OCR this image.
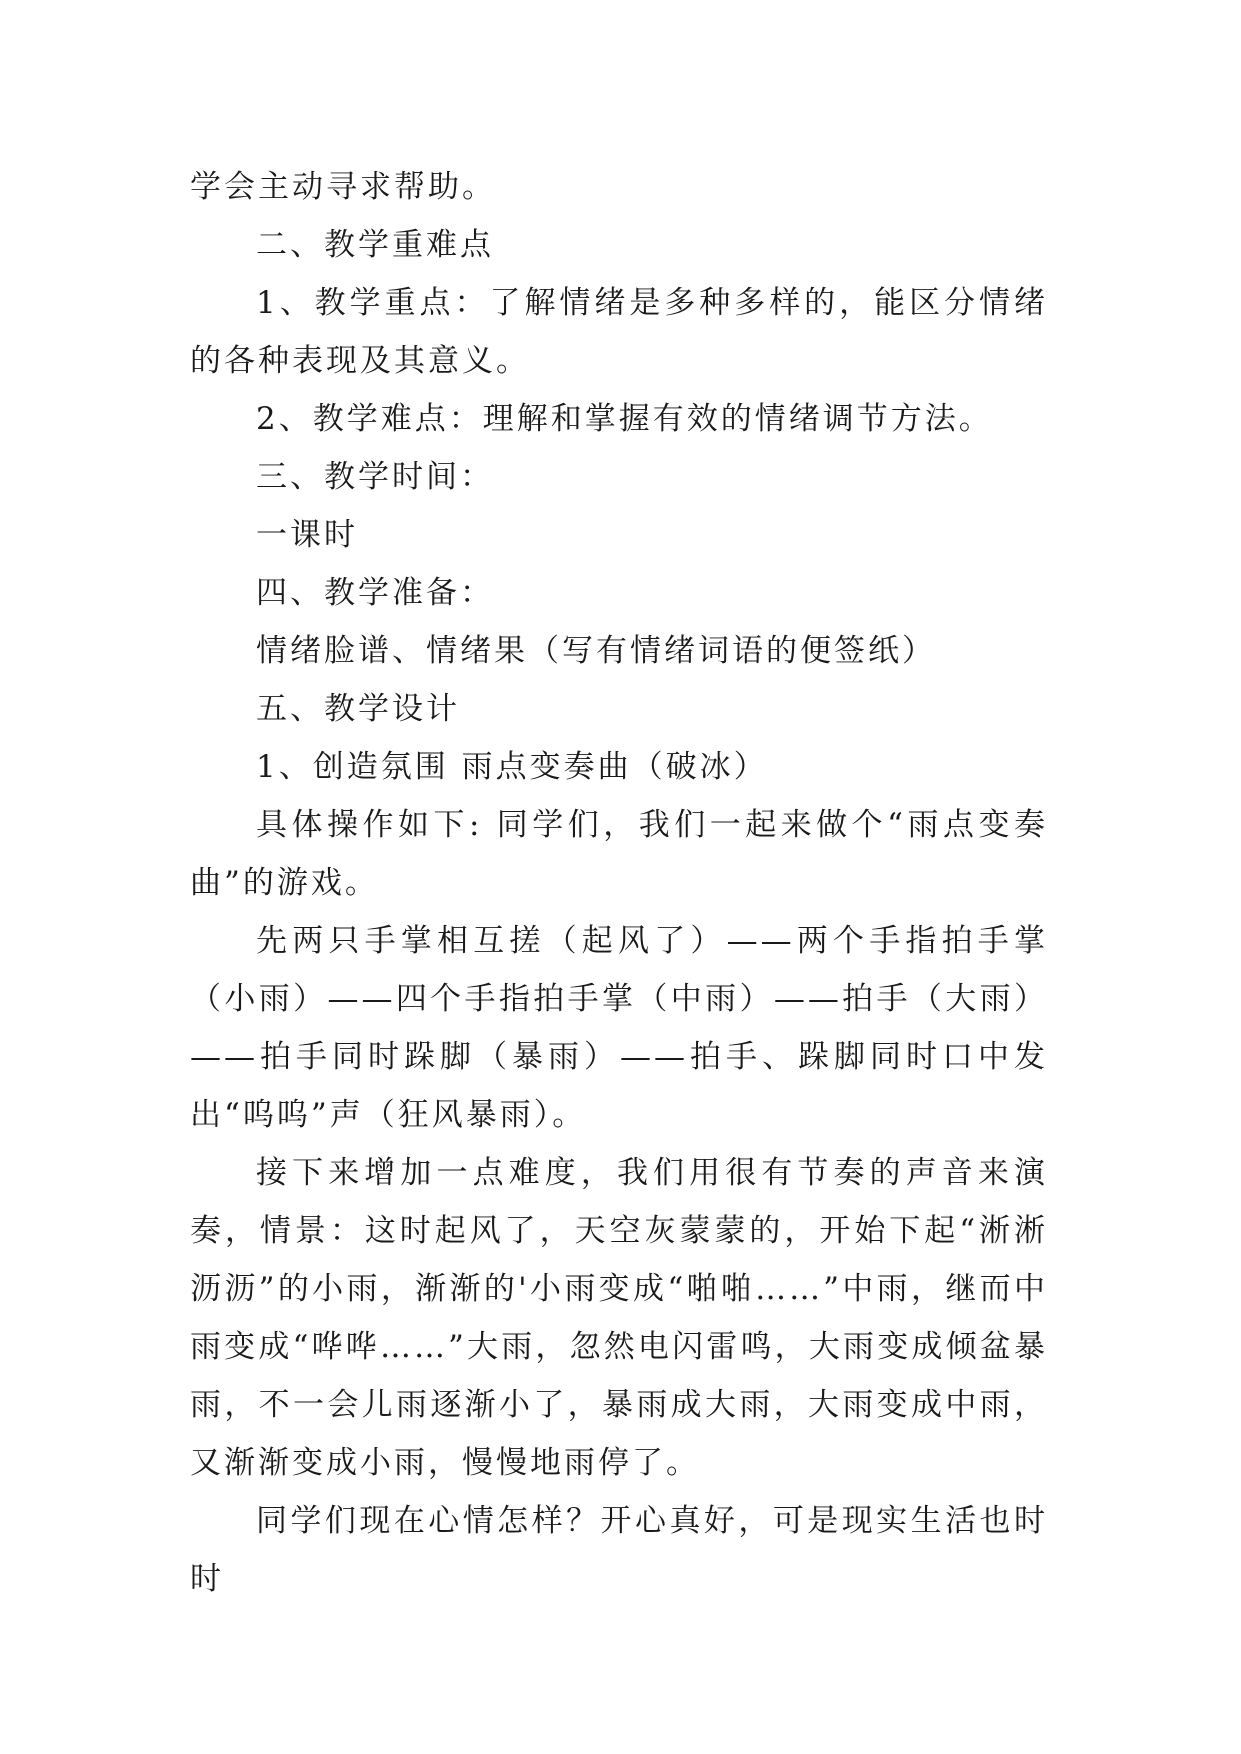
学会主动寻求帮助。

二、教学重难点

1、教学重点：了解情绪是多种多样的，能区分情绪的各种表现及其意义。

2、教学难点：理解和掌握有效的情绪调节方法。

三、教学时间：

一课时

四、教学准备：

情绪脸谱、情绪果（写有情绪词语的便签纸）

五、教学设计

1、创造氛围 雨点变奏曲（破冰）

具体操作如下: 同学们，我们一起来做个“雨点变奏曲”的游戏。

先两只手掌相互搓（起风了）——两个手指拍手掌（小雨）——四个手指拍手掌（中雨）——拍手（大雨）——拍手同时跺脚（暴雨）——拍手、跺脚同时口中发出“呜呜”声（狂风暴雨）。

接下来增加一点难度，我们用很有节奏的声音来演奏，情景：这时起风了，天空灰蒙蒙的，开始下起“淅淅沥沥”的小雨，渐渐的'小雨变成“啪啪……”中雨，继而中雨变成“哗哗……”大雨，忽然电闪雷鸣，大雨变成倾盆暴雨，不一会儿雨逐渐小了，暴雨成大雨，大雨变成中雨，又渐渐变成小雨，慢慢地雨停了。

同学们现在心情怎样？开心真好，可是现实生活也时时
